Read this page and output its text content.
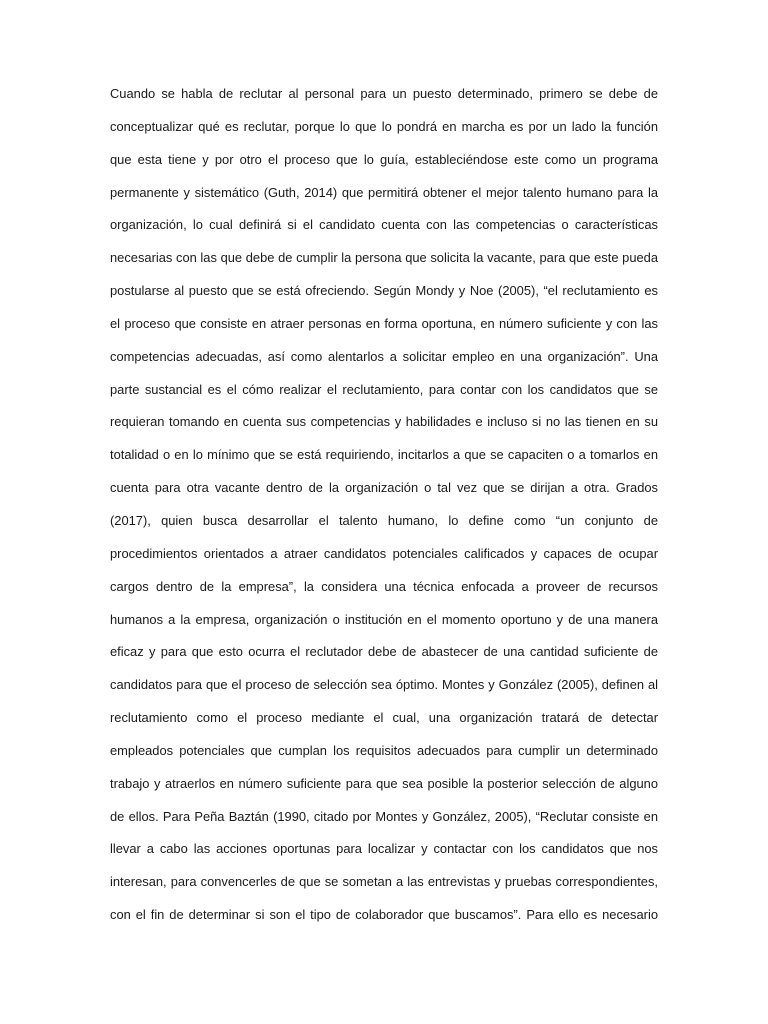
Cuando se habla de reclutar al personal para un puesto determinado, primero se debe de
conceptualizar qué es reclutar, porque lo que lo pondrá en marcha es por un lado la función
que esta tiene y por otro el proceso que lo guía, estableciéndose este como un programa
permanente y sistemático (Guth, 2014) que permitirá obtener el mejor talento humano para la
organización, lo cual definirá si el candidato cuenta con las competencias o características
necesarias con las que debe de cumplir la persona que solicita la vacante, para que este pueda
postularse al puesto que se está ofreciendo. Según Mondy y Noe (2005), “el reclutamiento es
el proceso que consiste en atraer personas en forma oportuna, en número suficiente y con las
competencias adecuadas, así como alentarlos a solicitar empleo en una organización”. Una
parte sustancial es el cómo realizar el reclutamiento, para contar con los candidatos que se
requieran tomando en cuenta sus competencias y habilidades e incluso si no las tienen en su
totalidad o en lo mínimo que se está requiriendo, incitarlos a que se capaciten o a tomarlos en
cuenta para otra vacante dentro de la organización o tal vez que se dirijan a otra. Grados
(2017), quien busca desarrollar el talento humano, lo define como “un conjunto de
procedimientos orientados a atraer candidatos potenciales calificados y capaces de ocupar
cargos dentro de la empresa”, la considera una técnica enfocada a proveer de recursos
humanos a la empresa, organización o institución en el momento oportuno y de una manera
eficaz y para que esto ocurra el reclutador debe de abastecer de una cantidad suficiente de
candidatos para que el proceso de selección sea óptimo. Montes y González (2005), definen al
reclutamiento como el proceso mediante el cual, una organización tratará de detectar
empleados potenciales que cumplan los requisitos adecuados para cumplir un determinado
trabajo y atraerlos en número suficiente para que sea posible la posterior selección de alguno
de ellos. Para Peña Baztán (1990, citado por Montes y González, 2005), “Reclutar consiste en
llevar a cabo las acciones oportunas para localizar y contactar con los candidatos que nos
interesan, para convencerles de que se sometan a las entrevistas y pruebas correspondientes,
con el fin de determinar si son el tipo de colaborador que buscamos”. Para ello es necesario
